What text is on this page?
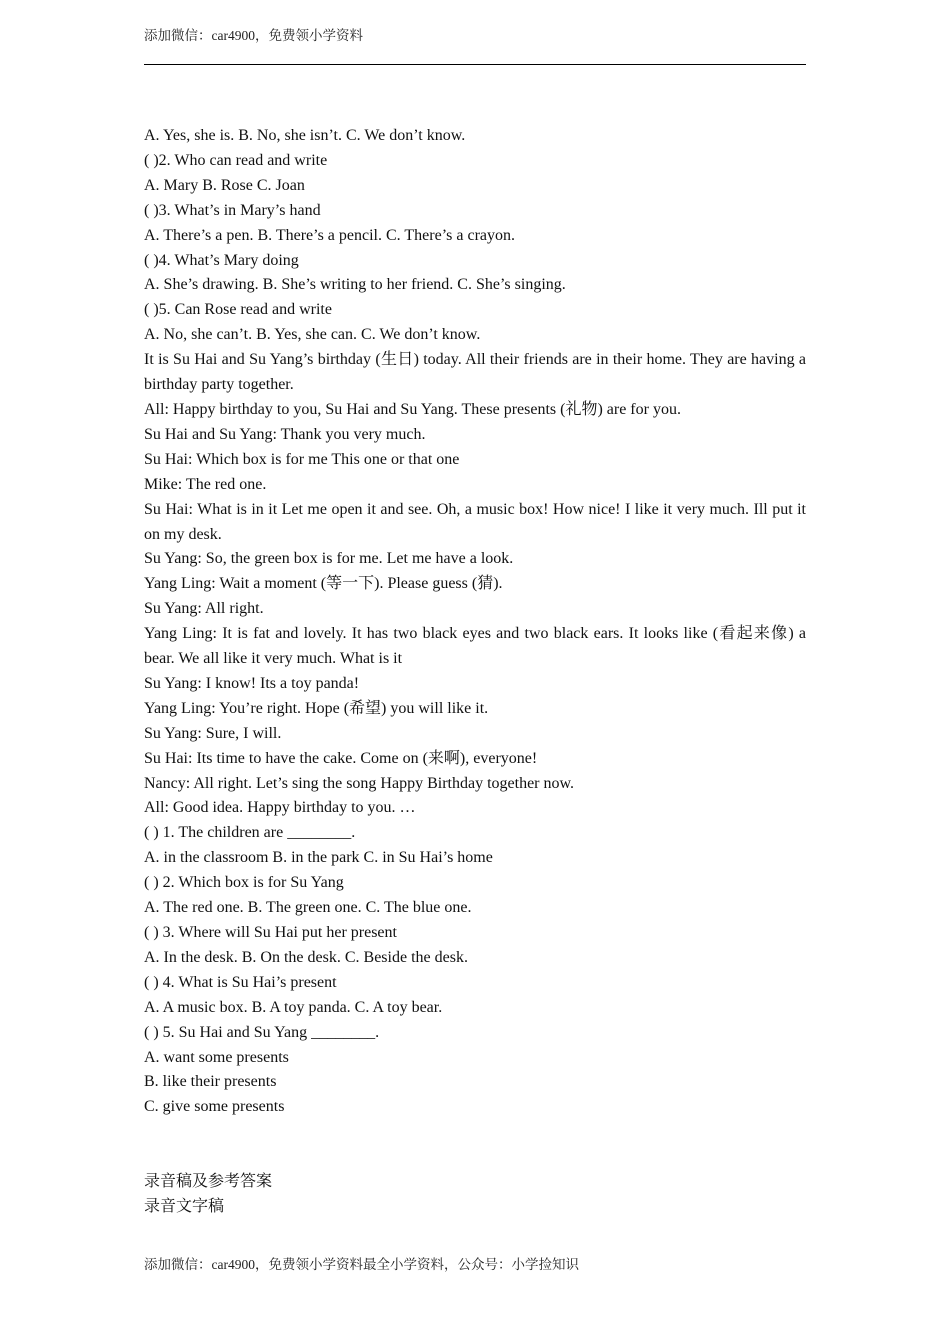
添加微信：car4900，免费领小学资料
A. Yes, she is. B. No, she isn’t. C. We don’t know.
( )2. Who can read and write
A. Mary B. Rose C. Joan
( )3. What’s in Mary’s hand
A. There’s a pen. B. There’s a pencil. C. There’s a crayon.
( )4. What’s Mary doing
A. She’s drawing. B. She’s writing to her friend. C. She’s singing.
( )5. Can Rose read and write
A. No, she can’t. B. Yes, she can. C. We don’t know.
It is Su Hai and Su Yang’s birthday (生日) today. All their friends are in their home. They are having a birthday party together.
All: Happy birthday to you, Su Hai and Su Yang. These presents (礼物) are for you.
Su Hai and Su Yang: Thank you very much.
Su Hai: Which box is for me This one or that one
Mike: The red one.
Su Hai: What is in it Let me open it and see. Oh, a music box! How nice! I like it very much. Ill put it on my desk.
Su Yang: So, the green box is for me. Let me have a look.
Yang Ling: Wait a moment (等一下). Please guess (猜).
Su Yang: All right.
Yang Ling: It is fat and lovely. It has two black eyes and two black ears. It looks like (看起来像) a bear. We all like it very much. What is it
Su Yang: I know! Its a toy panda!
Yang Ling: You’re right. Hope (希望) you will like it.
Su Yang: Sure, I will.
Su Hai: Its time to have the cake. Come on (来啊), everyone!
Nancy: All right. Let’s sing the song Happy Birthday together now.
All: Good idea. Happy birthday to you. …
( ) 1. The children are ________.
A. in the classroom B. in the park C. in Su Hai’s home
( ) 2. Which box is for Su Yang
A. The red one. B. The green one. C. The blue one.
( ) 3. Where will Su Hai put her present
A. In the desk. B. On the desk. C. Beside the desk.
( ) 4. What is Su Hai’s present
A. A music box. B. A toy panda. C. A toy bear.
( ) 5. Su Hai and Su Yang ________.
A. want some presents
B. like their presents
C. give some presents
录音稿及参考答案
录音文字稿
添加微信：car4900，免费领小学资料最全小学资料，公众号：小学捡知识
